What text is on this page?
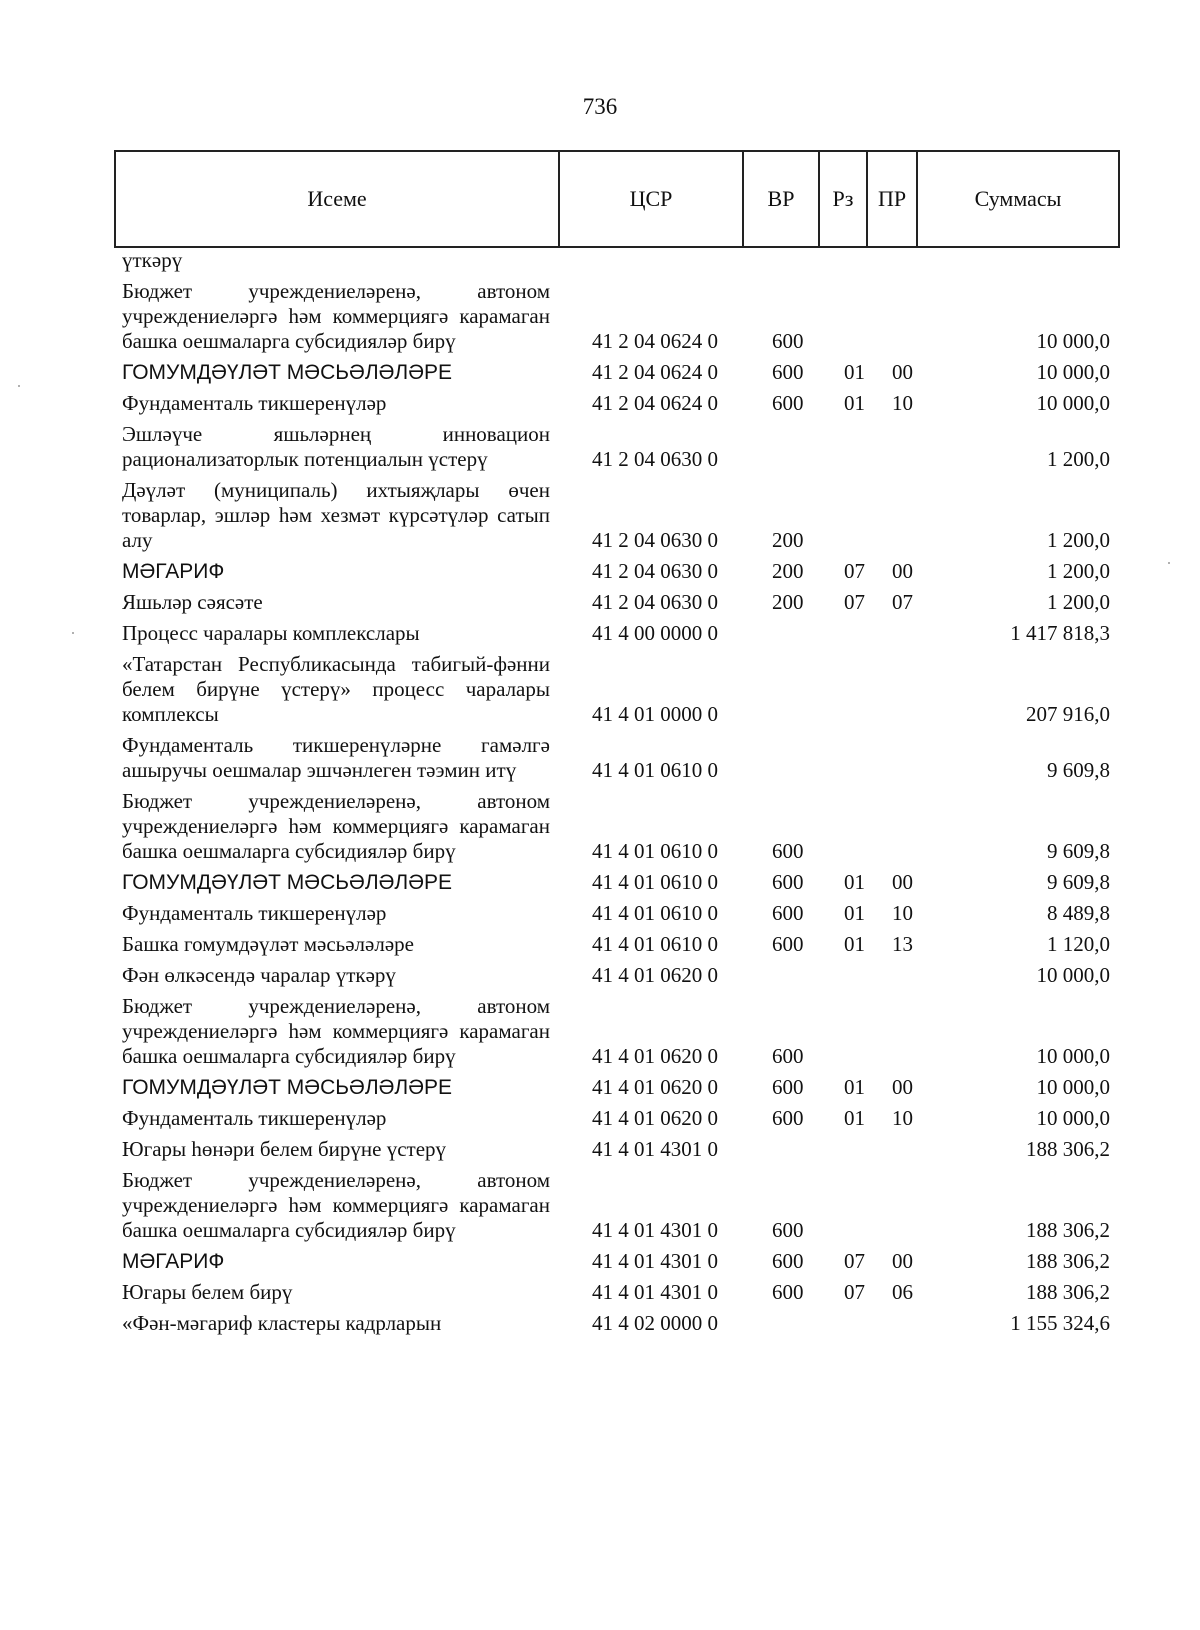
736
Исеме	ЦСР	ВР	Рз	ПР	Суммасы
үткәрү
Бюджет учреждениеләренә, автоном учреждениеләргә һәм коммерциягә карамаган башка оешмаларга субсидияләр бирү	41 2 04 0624 0	600	10 000,0
ГОМУМДӘҮЛӘТ МӘСЬӘЛӘЛӘРЕ	41 2 04 0624 0	600 01 00	10 000,0
Фундаменталь тикшеренүләр	41 2 04 0624 0	600 01 10	10 000,0
Эшләүче яшьләрнең инновацион рационализаторлык потенциалын үстерү	41 2 04 0630 0	1 200,0
Дәүләт (муниципаль) ихтыяҗлары өчен товарлар, эшләр һәм хезмәт күрсәтүләр сатып алу	41 2 04 0630 0	200	1 200,0
МӘГАРИФ	41 2 04 0630 0	200 07 00	1 200,0
Яшьләр сәясәте	41 2 04 0630 0	200 07 07	1 200,0
Процесс чаралары комплекслары	41 4 00 0000 0	1 417 818,3
«Татарстан Республикасында табигый-фәнни белем бирүне үстерү» процесс чаралары комплексы	41 4 01 0000 0	207 916,0
Фундаменталь тикшеренүләрне гамәлгә ашыручы оешмалар эшчәнлеген тәэмин итү	41 4 01 0610 0	9 609,8
Бюджет учреждениеләренә, автоном учреждениеләргә һәм коммерциягә карамаган башка оешмаларга субсидияләр бирү	41 4 01 0610 0	600	9 609,8
ГОМУМДӘҮЛӘТ МӘСЬӘЛӘЛӘРЕ	41 4 01 0610 0	600 01 00	9 609,8
Фундаменталь тикшеренүләр	41 4 01 0610 0	600 01 10	8 489,8
Башка гомумдәүләт мәсьәләләре	41 4 01 0610 0	600 01 13	1 120,0
Фән өлкәсендә чаралар үткәрү	41 4 01 0620 0	10 000,0
Бюджет учреждениеләренә, автоном учреждениеләргә һәм коммерциягә карамаган башка оешмаларга субсидияләр бирү	41 4 01 0620 0	600	10 000,0
ГОМУМДӘҮЛӘТ МӘСЬӘЛӘЛӘРЕ	41 4 01 0620 0	600 01 00	10 000,0
Фундаменталь тикшеренүләр	41 4 01 0620 0	600 01 10	10 000,0
Югары һөнәри белем бирүне үстерү	41 4 01 4301 0	188 306,2
Бюджет учреждениеләренә, автоном учреждениеләргә һәм коммерциягә карамаган башка оешмаларга субсидияләр бирү	41 4 01 4301 0	600	188 306,2
МӘГАРИФ	41 4 01 4301 0	600 07 00	188 306,2
Югары белем бирү	41 4 01 4301 0	600 07 06	188 306,2
«Фән-мәгариф кластеры кадрларын	41 4 02 0000 0	1 155 324,6
